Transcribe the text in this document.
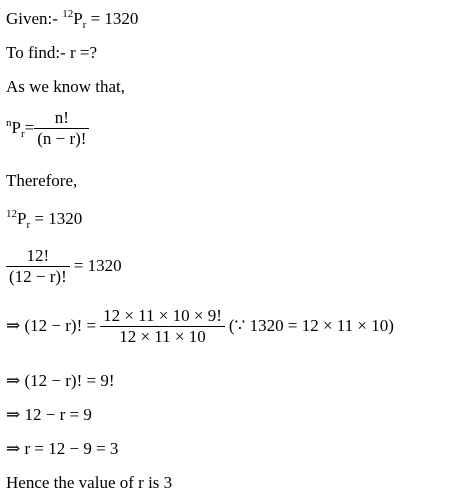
Given:- $^{12}P_r = 1320$
To find:- r =?
As we know that,
$^nP_r = \frac{n!}{(n - r)!}$
Therefore,
$^{12}P_r = 1320$
$\frac{12!}{(12 - r)!} = 1320$
⇒ (12 − r)! = $\frac{12 \times 11 \times 10 \times 9!}{12 \times 11 \times 10}$ (∵ 1320 = 12 × 11 × 10)
⇒ (12 − r)! = 9!
⇒ 12 − r = 9
⇒ r = 12 − 9 = 3
Hence the value of r is 3
